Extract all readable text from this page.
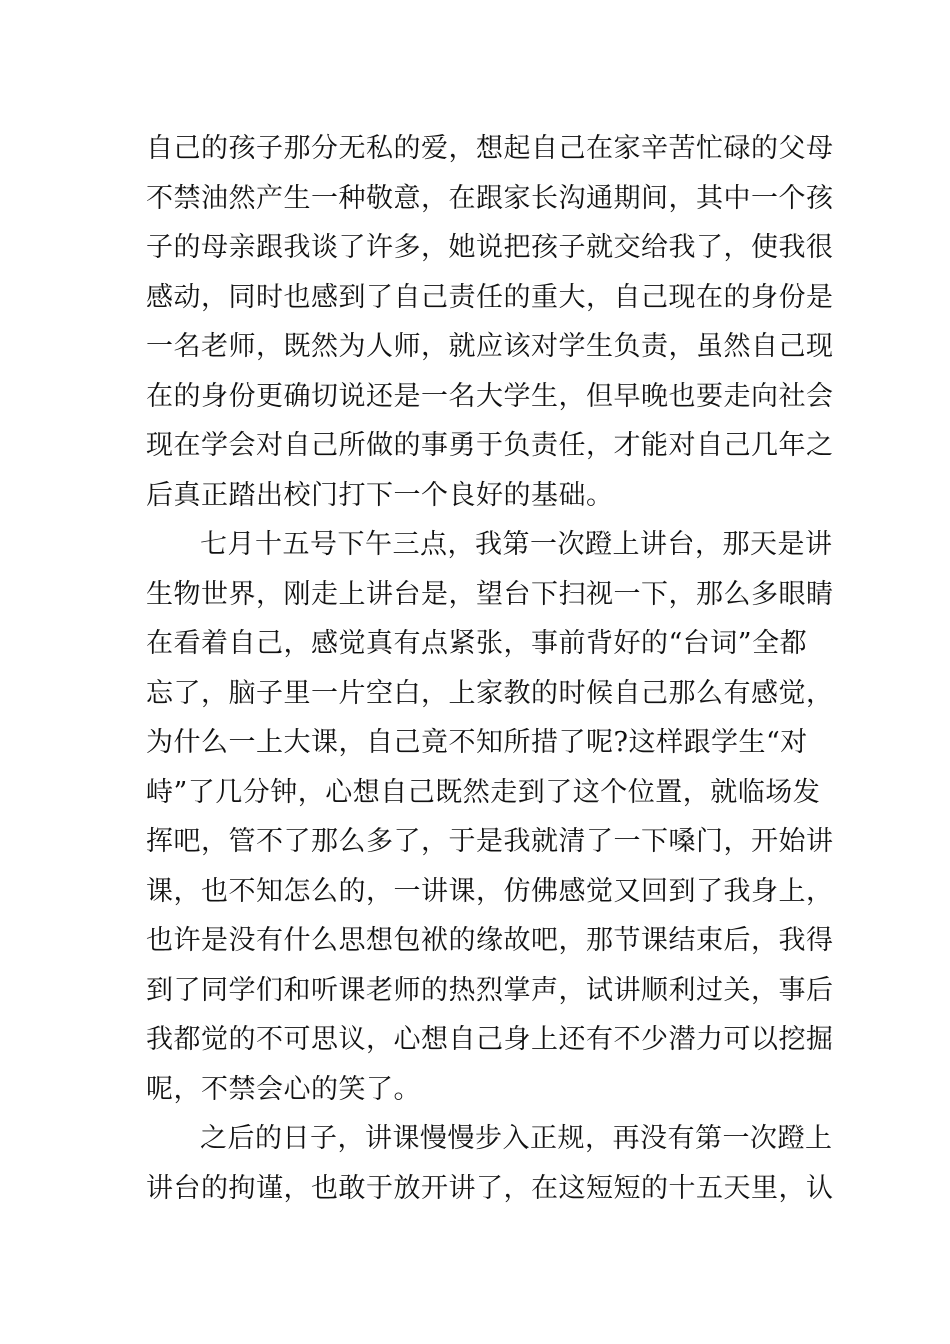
自己的孩子那分无私的爱，想起自己在家辛苦忙碌的父母
不禁油然产生一种敬意，在跟家长沟通期间，其中一个孩
子的母亲跟我谈了许多，她说把孩子就交给我了，使我很
感动，同时也感到了自己责任的重大，自己现在的身份是
一名老师，既然为人师，就应该对学生负责，虽然自己现
在的身份更确切说还是一名大学生，但早晚也要走向社会
现在学会对自己所做的事勇于负责任，才能对自己几年之
后真正踏出校门打下一个良好的基础。
七月十五号下午三点，我第一次蹬上讲台，那天是讲
生物世界，刚走上讲台是，望台下扫视一下，那么多眼睛
在看着自己，感觉真有点紧张，事前背好的“台词”全都
忘了，脑子里一片空白，上家教的时候自己那么有感觉，
为什么一上大课，自己竟不知所措了呢?这样跟学生“对
峙”了几分钟，心想自己既然走到了这个位置，就临场发
挥吧，管不了那么多了，于是我就清了一下嗓门，开始讲
课，也不知怎么的，一讲课，仿佛感觉又回到了我身上，
也许是没有什么思想包袱的缘故吧，那节课结束后，我得
到了同学们和听课老师的热烈掌声，试讲顺利过关，事后
我都觉的不可思议，心想自己身上还有不少潜力可以挖掘
呢，不禁会心的笑了。
之后的日子，讲课慢慢步入正规，再没有第一次蹬上
讲台的拘谨，也敢于放开讲了，在这短短的十五天里，认
